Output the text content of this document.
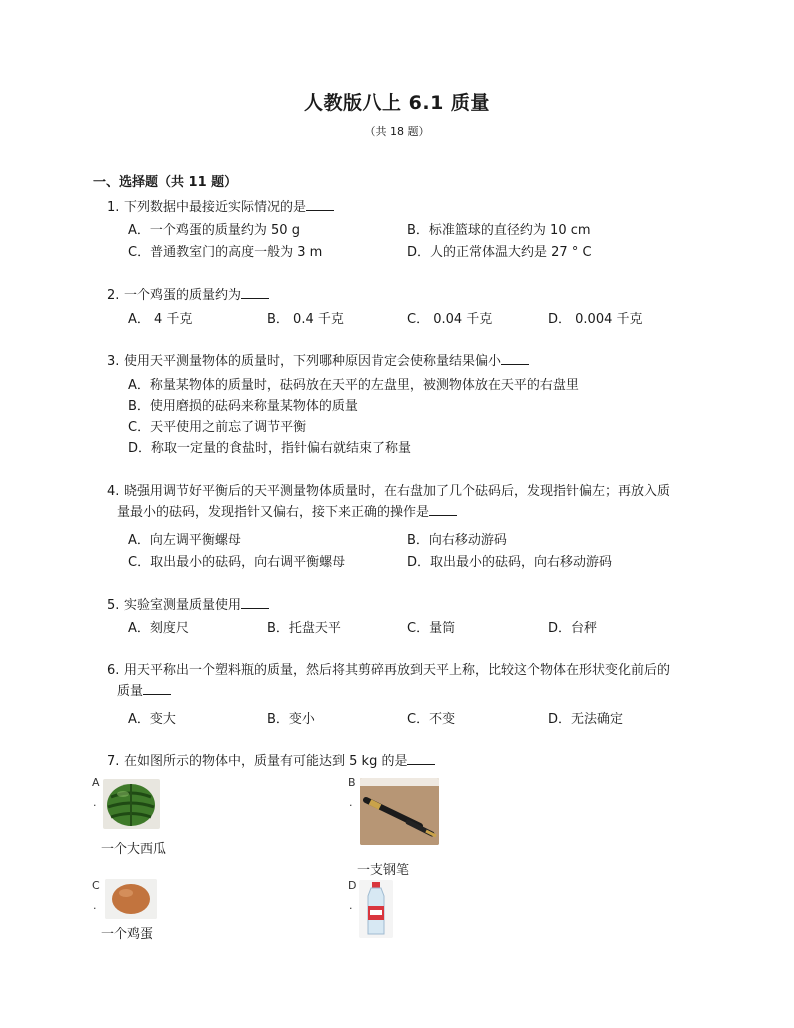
人教版八上 6.1 质量
（共 18 题）
一、选择题（共 11 题）
1. 下列数据中最接近实际情况的是
A．一个鸡蛋的质量约为 50 g	B．标准篮球的直径约为 10 cm
C．普通教室门的高度一般为 3 m	D．人的正常体温大约是 27 ° C
2. 一个鸡蛋的质量约为
A． 4 千克	B． 0.4 千克	C． 0.04 千克	D． 0.004 千克
3. 使用天平测量物体的质量时，下列哪种原因肯定会使称量结果偏小
A．称量某物体的质量时，砝码放在天平的左盘里，被测物体放在天平的右盘里
B．使用磨损的砝码来称量某物体的质量
C．天平使用之前忘了调节平衡
D．称取一定量的食盐时，指针偏右就结束了称量
4. 晓强用调节好平衡后的天平测量物体质量时，在右盘加了几个砝码后，发现指针偏左；再放入质
量最小的砝码，发现指针又偏右，接下来正确的操作是
A．向左调平衡螺母	B．向右移动游码
C．取出最小的砝码，向右调平衡螺母	D．取出最小的砝码，向右移动游码
5. 实验室测量质量使用
A．刻度尺	B．托盘天平	C．量筒	D．台秤
6. 用天平称出一个塑料瓶的质量，然后将其剪碎再放到天平上称，比较这个物体在形状变化前后的
质量
A．变大	B．变小	C．不变	D．无法确定
7. 在如图所示的物体中，质量有可能达到 5 kg 的是
A
.
一个大西瓜
B
.
一支钢笔
C
.
一个鸡蛋
D
.
